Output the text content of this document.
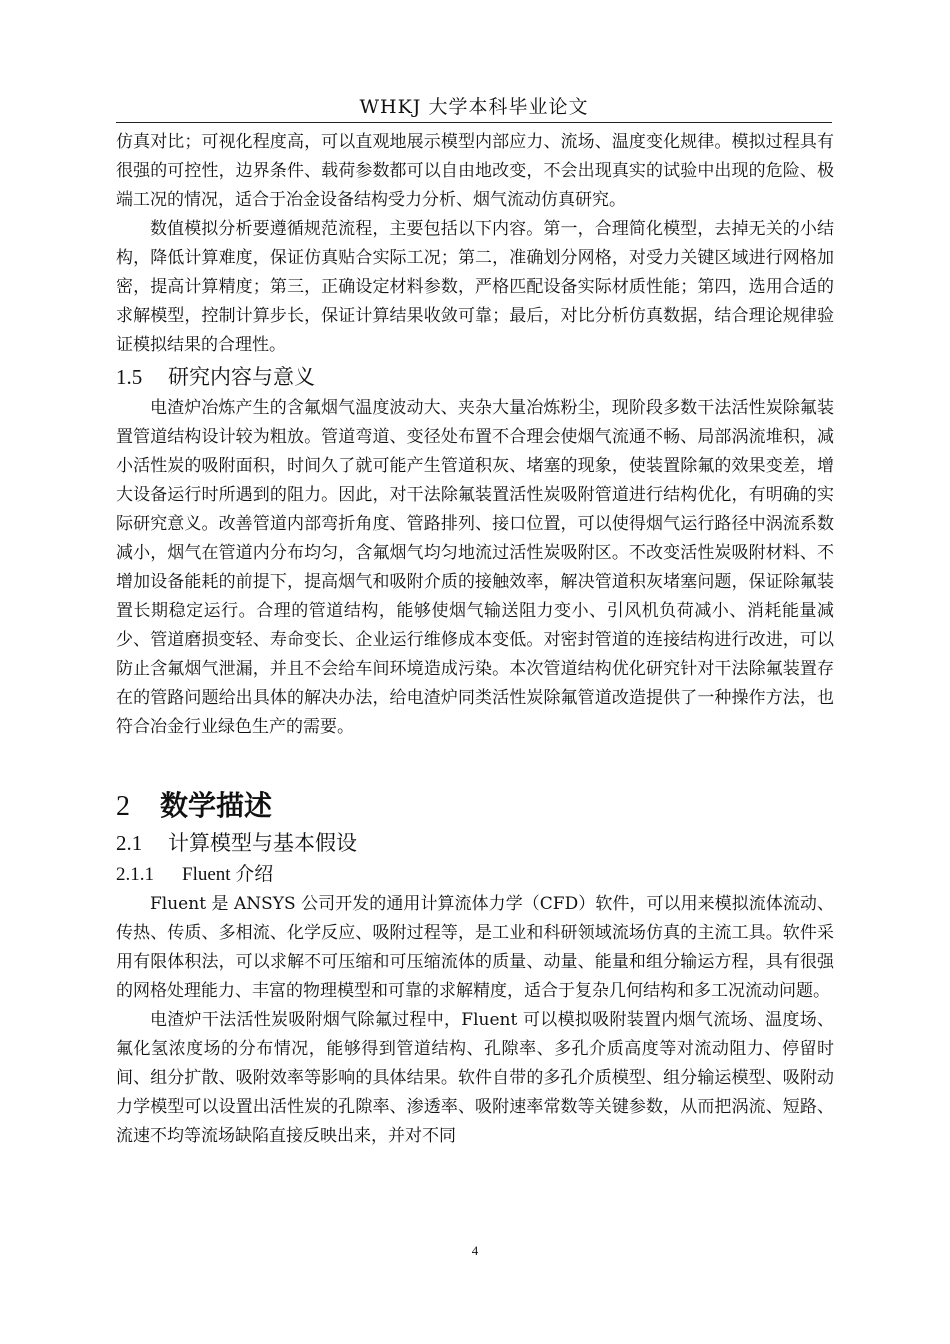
WHKJ 大学本科毕业论文

仿真对比；可视化程度高，可以直观地展示模型内部应力、流场、温度变化规律。模拟过程具有很强的可控性，边界条件、载荷参数都可以自由地改变，不会出现真实的试验中出现的危险、极端工况的情况，适合于冶金设备结构受力分析、烟气流动仿真研究。

数值模拟分析要遵循规范流程，主要包括以下内容。第一，合理简化模型，去掉无关的小结构，降低计算难度，保证仿真贴合实际工况；第二，准确划分网格，对受力关键区域进行网格加密，提高计算精度；第三，正确设定材料参数，严格匹配设备实际材质性能；第四，选用合适的求解模型，控制计算步长，保证计算结果收敛可靠；最后，对比分析仿真数据，结合理论规律验证模拟结果的合理性。

1.5 研究内容与意义

电渣炉冶炼产生的含氟烟气温度波动大、夹杂大量冶炼粉尘，现阶段多数干法活性炭除氟装置管道结构设计较为粗放。管道弯道、变径处布置不合理会使烟气流通不畅、局部涡流堆积，减小活性炭的吸附面积，时间久了就可能产生管道积灰、堵塞的现象，使装置除氟的效果变差，增大设备运行时所遇到的阻力。因此，对干法除氟装置活性炭吸附管道进行结构优化，有明确的实际研究意义。改善管道内部弯折角度、管路排列、接口位置，可以使得烟气运行路径中涡流系数减小，烟气在管道内分布均匀，含氟烟气均匀地流过活性炭吸附区。不改变活性炭吸附材料、不增加设备能耗的前提下，提高烟气和吸附介质的接触效率，解决管道积灰堵塞问题，保证除氟装置长期稳定运行。合理的管道结构，能够使烟气输送阻力变小、引风机负荷减小、消耗能量减少、管道磨损变轻、寿命变长、企业运行维修成本变低。对密封管道的连接结构进行改进，可以防止含氟烟气泄漏，并且不会给车间环境造成污染。本次管道结构优化研究针对干法除氟装置存在的管路问题给出具体的解决办法，给电渣炉同类活性炭除氟管道改造提供了一种操作方法，也符合冶金行业绿色生产的需要。

2 数学描述
2.1 计算模型与基本假设
2.1.1 Fluent 介绍

Fluent 是 ANSYS 公司开发的通用计算流体力学（CFD）软件，可以用来模拟流体流动、传热、传质、多相流、化学反应、吸附过程等，是工业和科研领域流场仿真的主流工具。软件采用有限体积法，可以求解不可压缩和可压缩流体的质量、动量、能量和组分输运方程，具有很强的网格处理能力、丰富的物理模型和可靠的求解精度，适合于复杂几何结构和多工况流动问题。

电渣炉干法活性炭吸附烟气除氟过程中，Fluent 可以模拟吸附装置内烟气流场、温度场、氟化氢浓度场的分布情况，能够得到管道结构、孔隙率、多孔介质高度等对流动阻力、停留时间、组分扩散、吸附效率等影响的具体结果。软件自带的多孔介质模型、组分输运模型、吸附动力学模型可以设置出活性炭的孔隙率、渗透率、吸附速率常数等关键参数，从而把涡流、短路、流速不均等流场缺陷直接反映出来，并对不同

4
